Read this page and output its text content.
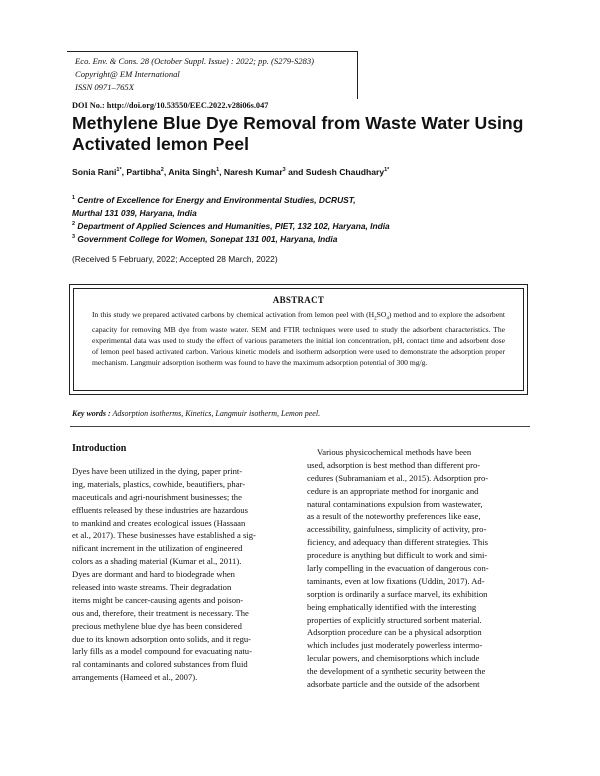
Eco. Env. & Cons. 28 (October Suppl. Issue) : 2022; pp. (S279-S283)
Copyright@ EM International
ISSN 0971–765X
DOI No.: http://doi.org/10.53550/EEC.2022.v28i06s.047
Methylene Blue Dye Removal from Waste Water Using Activated lemon Peel
Sonia Rani$^{1*}$, Partibha$^2$, Anita Singh$^1$, Naresh Kumar$^3$ and Sudesh Chaudhary$^{1*}$
$^1$ Centre of Excellence for Energy and Environmental Studies, DCRUST,
Murthal 131 039, Haryana, India
$^2$ Department of Applied Sciences and Humanities, PIET, 132 102, Haryana, India
$^3$ Government College for Women, Sonepat 131 001, Haryana, India
(Received 5 February, 2022; Accepted 28 March, 2022)
ABSTRACT
In this study we prepared activated carbons by chemical activation from lemon peel with $(H_2SO_4)$ method and to explore the adsorbent capacity for removing MB dye from waste water. SEM and FTIR techniques were used to study the adsorbent characteristics. The experimental data was used to study the effect of various parameters the initial ion concentration, pH, contact time and adsorbent dose of lemon peel based activated carbon. Various kinetic models and isotherm adsorption were used to demonstrate the adsorption proper mechanism. Langmuir adsorption isotherm was found to have the maximum adsorption potential of 300 mg/g.
Key words : Adsorption isotherms, Kinetics, Langmuir isotherm, Lemon peel.
Introduction
Dyes have been utilized in the dying, paper print-
ing, materials, plastics, cowhide, beautifiers, phar-
maceuticals and agri-nourishment businesses; the
effluents released by these industries are hazardous
to mankind and creates ecological issues (Hassaan
et al., 2017). These businesses have established a sig-
nificant increment in the utilization of engineered
colors as a shading material (Kumar et al., 2011).
Dyes are dormant and hard to biodegrade when
released into waste streams. Their degradation
items might be cancer-causing agents and poison-
ous and, therefore, their treatment is necessary. The
precious methylene blue dye has been considered
due to its known adsorption onto solids, and it regu-
larly fills as a model compound for evacuating natu-
ral contaminants and colored substances from fluid
arrangements (Hameed et al., 2007).
Various physicochemical methods have been
used, adsorption is best method than different pro-
cedures (Subramaniam et al., 2015). Adsorption pro-
cedure is an appropriate method for inorganic and
natural contaminations expulsion from wastewater,
as a result of the noteworthy preferences like ease,
accessibility, gainfulness, simplicity of activity, pro-
ficiency, and adequacy than different strategies. This
procedure is anything but difficult to work and simi-
larly compelling in the evacuation of dangerous con-
taminants, even at low fixations (Uddin, 2017). Ad-
sorption is ordinarily a surface marvel, its exhibition
being emphatically identified with the interesting
properties of explicitly structured sorbent material.
Adsorption procedure can be a physical adsorption
which includes just moderately powerless intermo-
lecular powers, and chemisorptions which include
the development of a synthetic security between the
adsorbate particle and the outside of the adsorbent
